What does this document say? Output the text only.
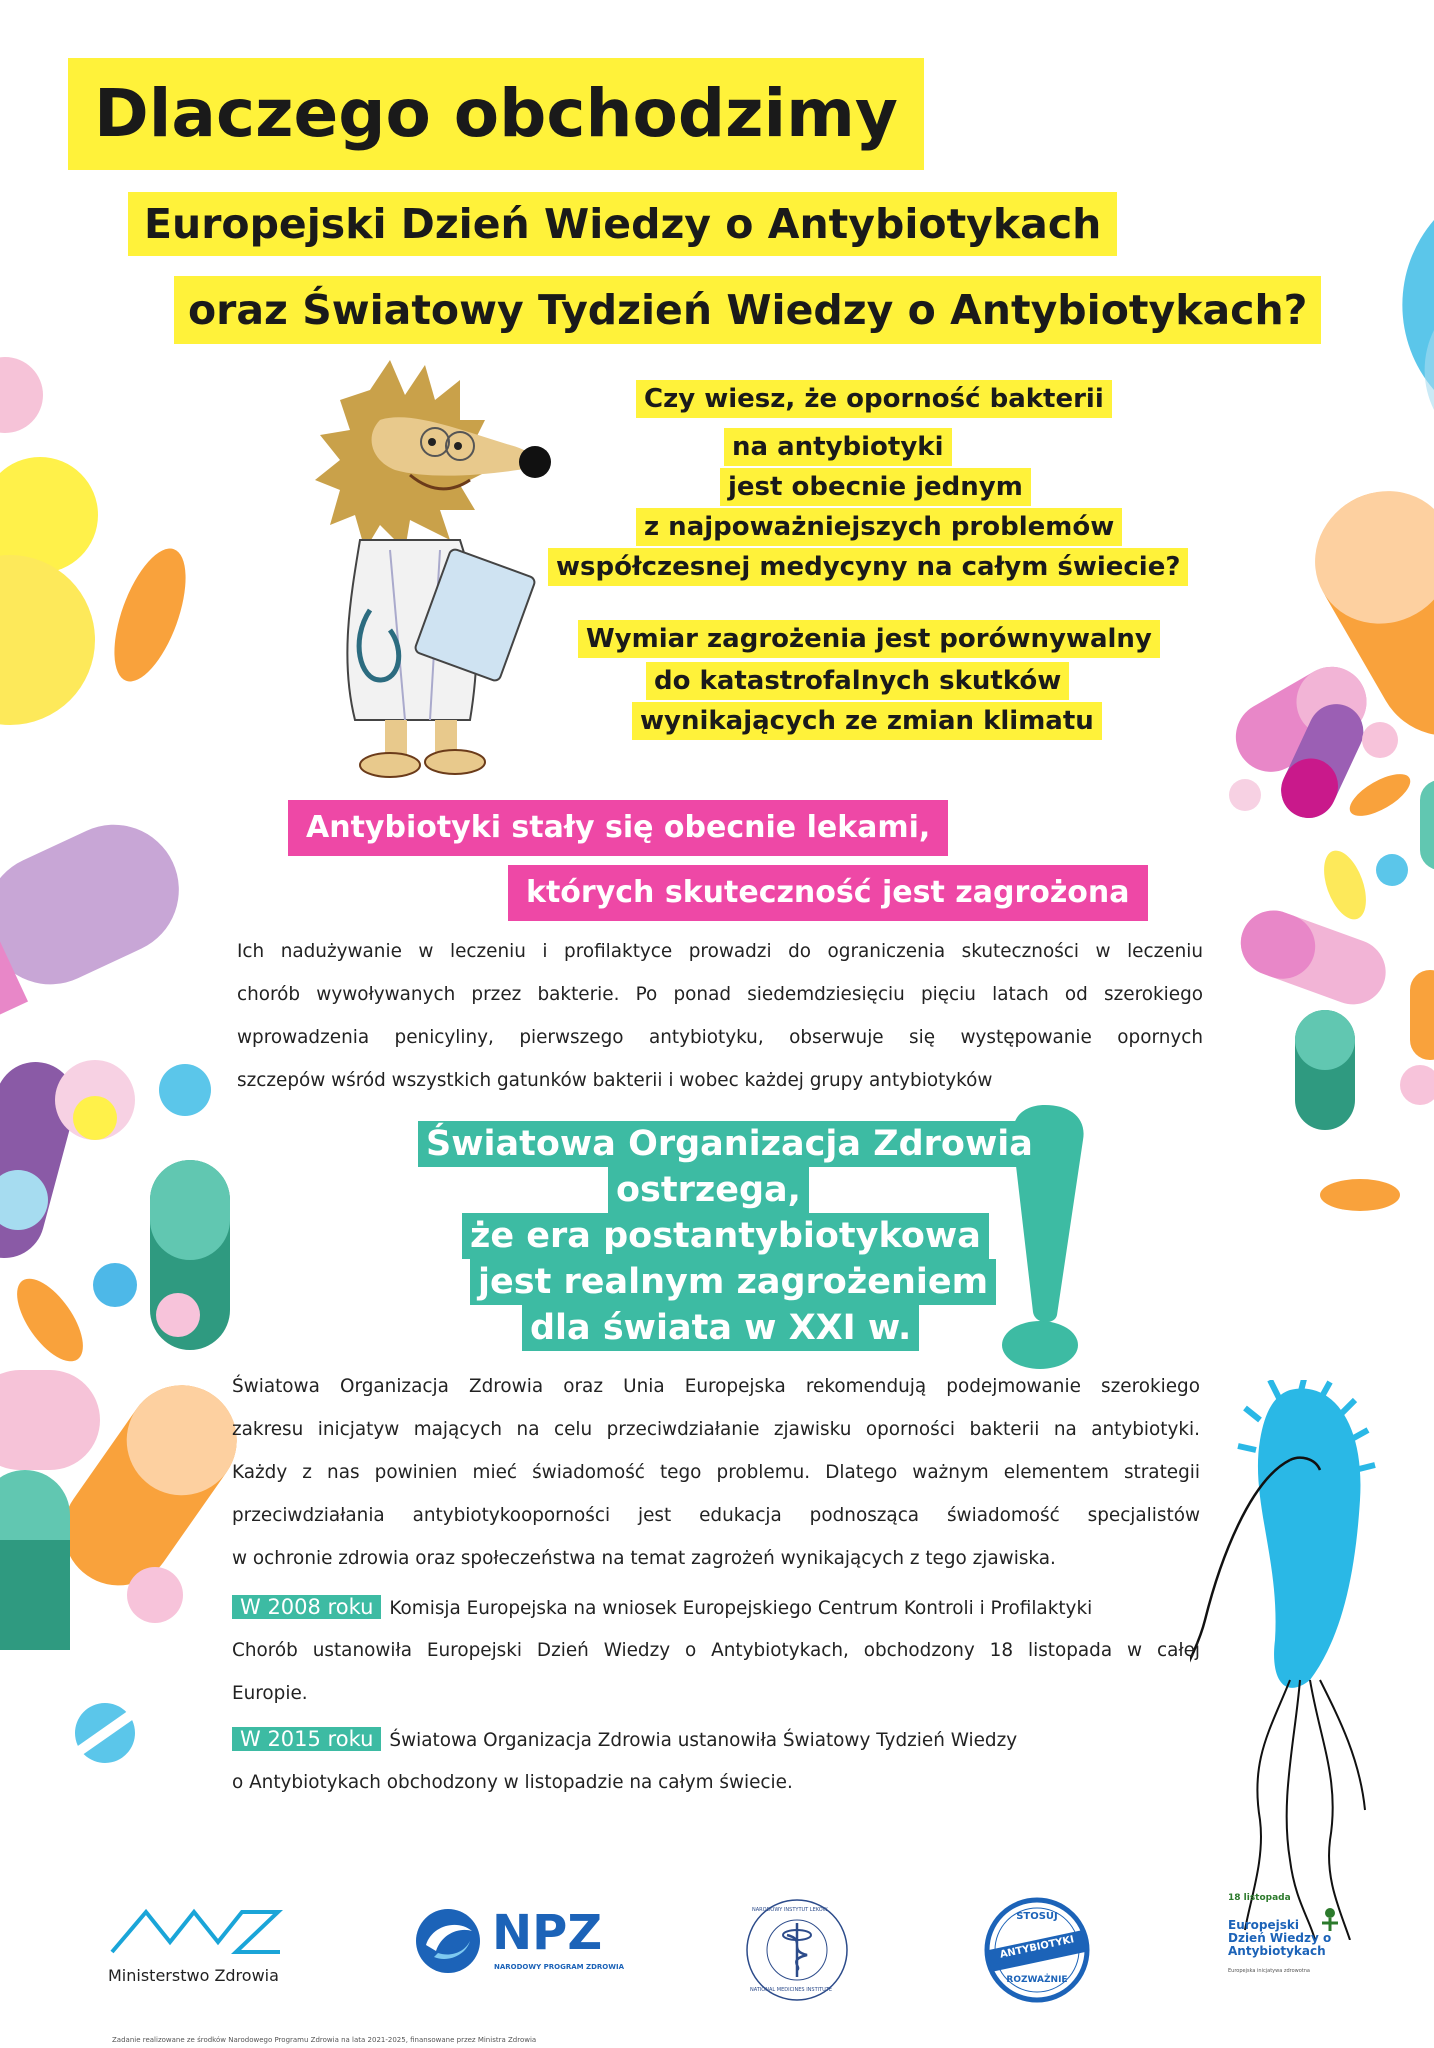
Dlaczego obchodzimy
Europejski Dzień Wiedzy o Antybiotykach
oraz Światowy Tydzień Wiedzy o Antybiotykach?
Czy wiesz, że oporność bakterii
na antybiotyki
jest obecnie jednym
z najpoważniejszych problemów
współczesnej medycyny na całym świecie?
Wymiar zagrożenia jest porównywalny
do katastrofalnych skutków
wynikających ze zmian klimatu
Antybiotyki stały się obecnie lekami,
których skuteczność jest zagrożona
Ich nadużywanie w leczeniu i profilaktyce prowadzi do ograniczenia skuteczności w leczeniu
chorób wywoływanych przez bakterie. Po ponad siedemdziesięciu pięciu latach od szerokiego
wprowadzenia penicyliny, pierwszego antybiotyku, obserwuje się występowanie opornych
szczepów wśród wszystkich gatunków bakterii i wobec każdej grupy antybiotyków
Światowa Organizacja Zdrowia
ostrzega,
że era postantybiotykowa
jest realnym zagrożeniem
dla świata w XXI w.
Światowa Organizacja Zdrowia oraz Unia Europejska rekomendują podejmowanie szerokiego
zakresu inicjatyw mających na celu przeciwdziałanie zjawisku oporności bakterii na antybiotyki.
Każdy z nas powinien mieć świadomość tego problemu. Dlatego ważnym elementem strategii
przeciwdziałania antybiotykooporności jest edukacja podnosząca świadomość specjalistów
w ochronie zdrowia oraz społeczeństwa na temat zagrożeń wynikających z tego zjawiska.
W 2008 roku Komisja Europejska na wniosek Europejskiego Centrum Kontroli i Profilaktyki
Chorób ustanowiła Europejski Dzień Wiedzy o Antybiotykach, obchodzony 18 listopada w całej
Europie.
W 2015 roku Światowa Organizacja Zdrowia ustanowiła Światowy Tydzień Wiedzy
o Antybiotykach obchodzony w listopadzie na całym świecie.
Ministerstwo Zdrowia
NPZ
NARODOWY PROGRAM ZDROWIA
NARODOWY INSTYTUT LEKÓW
NATIONAL MEDICINES INSTITUTE
STOSUJ
ANTYBIOTYKI
ROZWAŻNIE
18 listopada
Europejski
Dzień Wiedzy o
Antybiotykach
Europejska inicjatywa zdrowotna
Zadanie realizowane ze środków Narodowego Programu Zdrowia na lata 2021-2025, finansowane przez Ministra Zdrowia
